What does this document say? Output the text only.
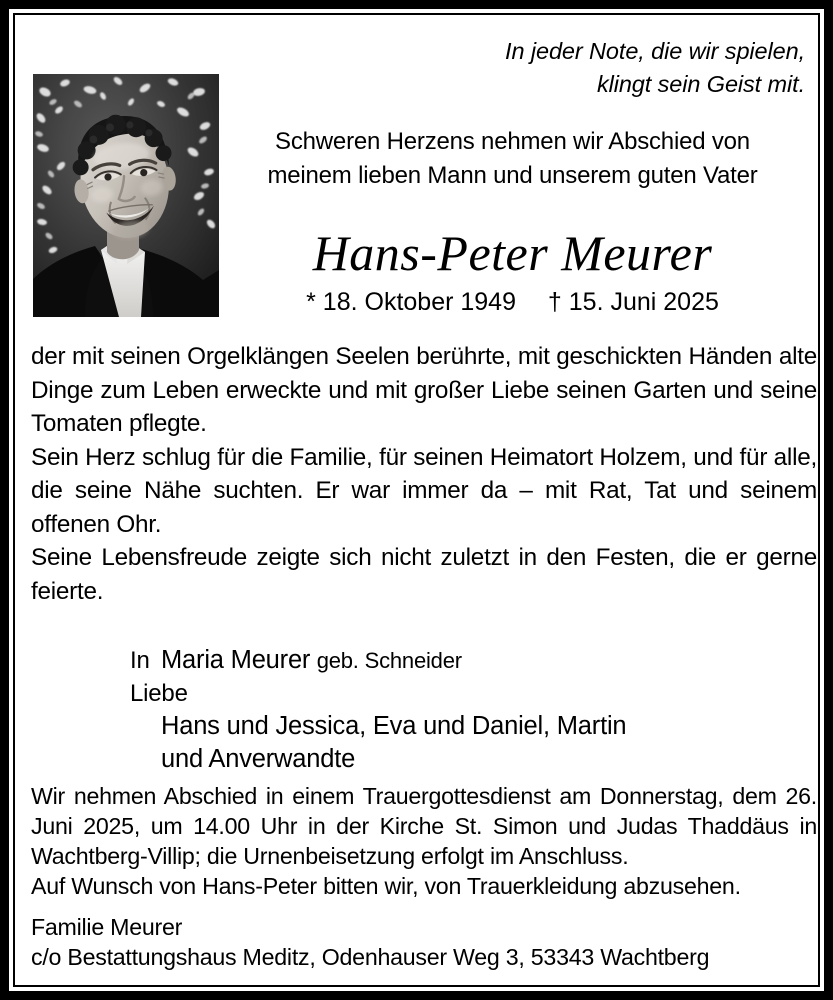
In jeder Note, die wir spielen,
klingt sein Geist mit.
Schweren Herzens nehmen wir Abschied von
meinem lieben Mann und unserem guten Vater
Hans-Peter Meurer
* 18. Oktober 1949 † 15. Juni 2025

der mit seinen Orgelklängen Seelen berührte, mit geschickten Händen alte Dinge zum Leben erweckte und mit großer Liebe seinen Garten und seine Tomaten pflegte.

Sein Herz schlug für die Familie, für seinen Heimatort Holzem, und für alle, die seine Nähe suchten. Er war immer da – mit Rat, Tat und seinem offenen Ohr.

Seine Lebensfreude zeigte sich nicht zuletzt in den Festen, die er gerne feierte.

In Liebe
Maria Meurer geb. Schneider
Hans und Jessica, Eva und Daniel, Martin
und Anverwandte

Wir nehmen Abschied in einem Trauergottesdienst am Donnerstag, dem 26. Juni 2025, um 14.00 Uhr in der Kirche St. Simon und Judas Thaddäus in Wachtberg-Villip; die Urnenbeisetzung erfolgt im Anschluss.

Auf Wunsch von Hans-Peter bitten wir, von Trauerkleidung abzusehen.

Familie Meurer

c/o Bestattungshaus Meditz, Odenhauser Weg 3, 53343 Wachtberg
